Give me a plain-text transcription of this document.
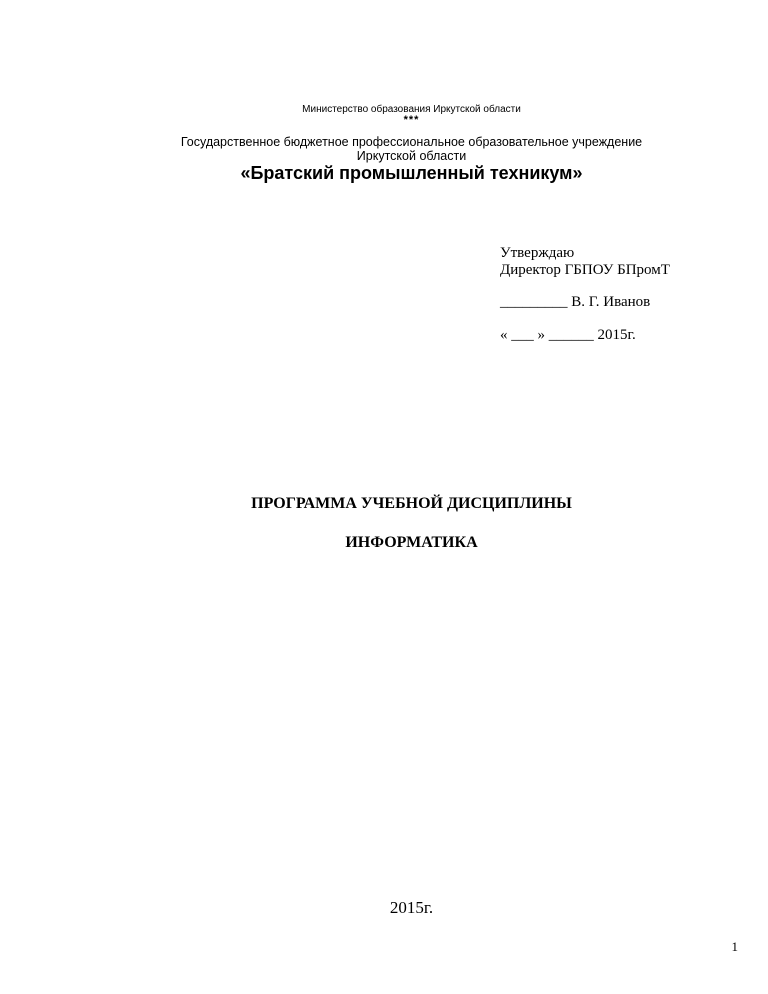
Министерство образования Иркутской области
***
Государственное бюджетное профессиональное образовательное учреждение
Иркутской области
«Братский промышленный техникум»
Утверждаю
Директор ГБПОУ БПромТ
_________ В. Г. Иванов
« ___ » ______ 2015г.
ПРОГРАММА УЧЕБНОЙ ДИСЦИПЛИНЫ
ИНФОРМАТИКА
2015г.
1
